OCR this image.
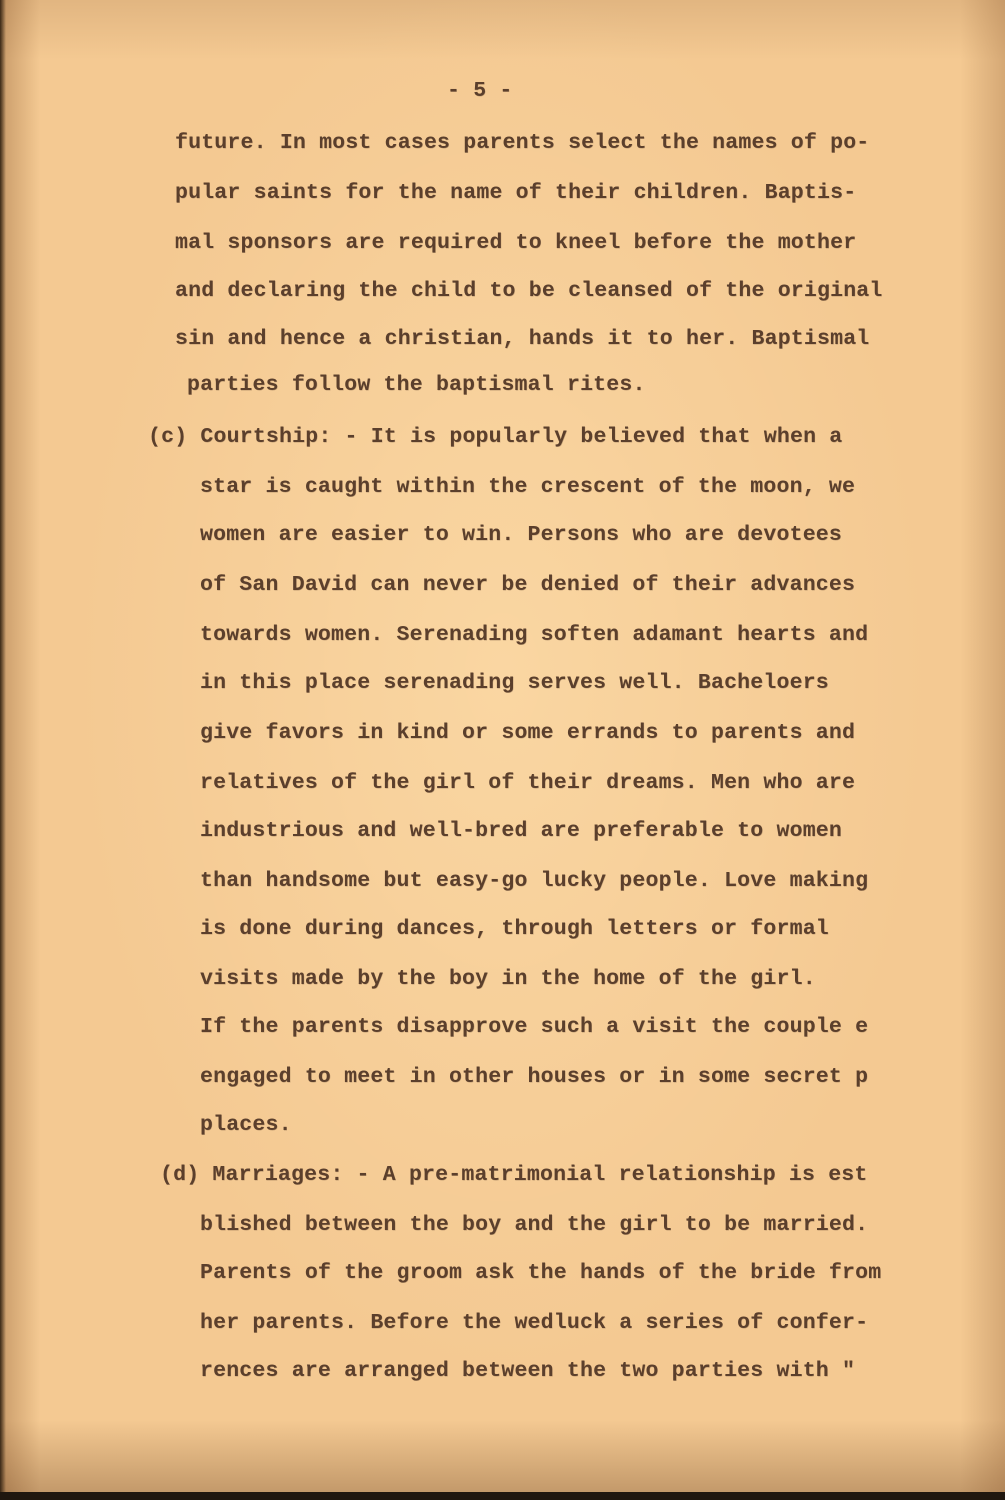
- 5 -

future. In most cases parents select the names of po-

pular saints for the name of their children. Baptis-

mal sponsors are required to kneel before the mother

and declaring the child to be cleansed of the original

sin and hence a christian, hands it to her. Baptismal

parties follow the baptismal rites.

(c) Courtship: - It is popularly believed that when a

star is caught within the crescent of the moon, we

women are easier to win. Persons who are devotees

of San David can never be denied of their advances

towards women. Serenading soften adamant hearts and

in this place serenading serves well. Bacheloers

give favors in kind or some errands to parents and

relatives of the girl of their dreams. Men who are

industrious and well-bred are preferable to women

than handsome but easy-go lucky people. Love making

is done during dances, through letters or formal

visits made by the boy in the home of the girl.

If the parents disapprove such a visit the couple e

engaged to meet in other houses or in some secret p

places.

(d) Marriages: - A pre-matrimonial relationship is est

blished between the boy and the girl to be married.

Parents of the groom ask the hands of the bride from

her parents. Before the wedluck a series of confer-

rences are arranged between the two parties with "
